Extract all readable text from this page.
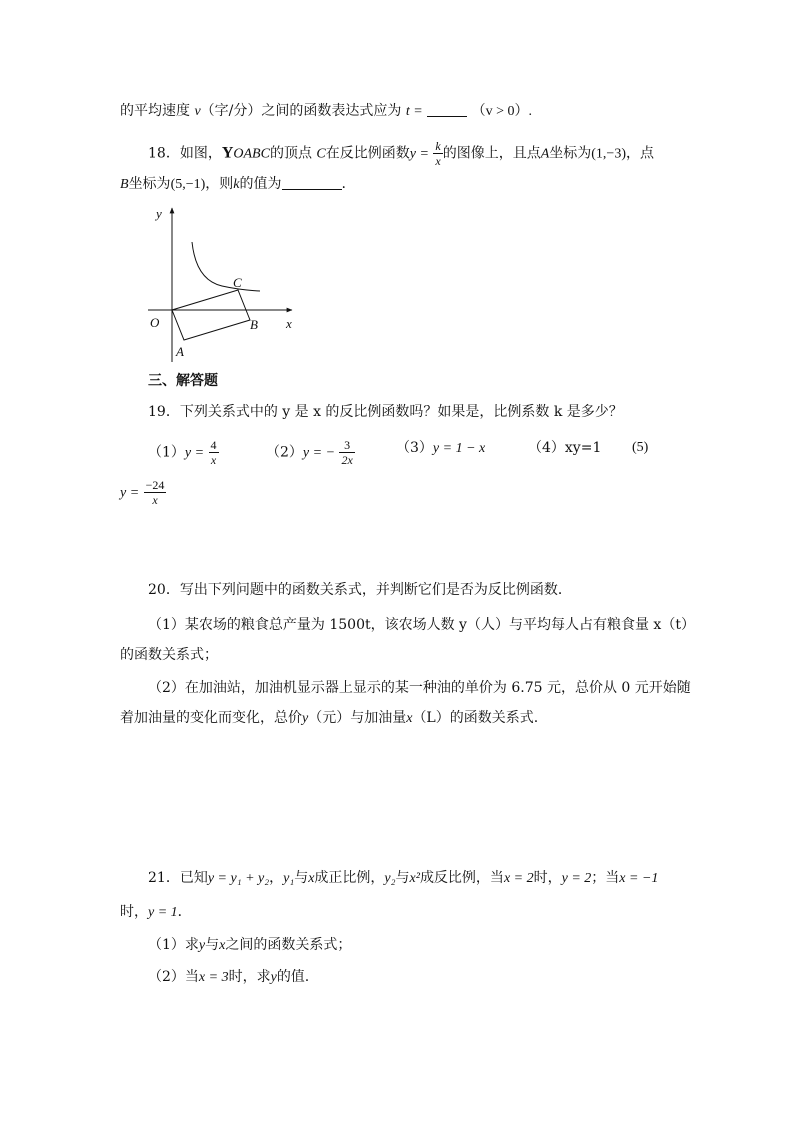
的平均速度 v（字/分）之间的函数表达式应为 t =	（v > 0）.
18．如图，YOABC的顶点 C在反比例函数$y = \frac{k}{x}$ 的图像上，且点A坐标为(1,−3)，点
B坐标为(5,−1)，则k的值为	.
y
x
O
A
B
C
三、解答题
19．下列关系式中的 y 是 x 的反比例函数吗？如果是，比例系数 k 是多少？
$(1)y = \frac{4}{x}$	（2）y = − $\frac{3}{2x}$	（3）y = 1 − x	（4）xy=1 (5)
$y = \frac{-24}{x}$
20．写出下列问题中的函数关系式，并判断它们是否为反比例函数．
（1）某农场的粮食总产量为 1500t，该农场人数 y（人）与平均每人占有粮食量 x（t）
的函数关系式；
（2）在加油站，加油机显示器上显示的某一种油的单价为 6.75 元，总价从 0 元开始随
着加油量的变化而变化，总价y（元）与加油量x（L）的函数关系式.
21．已知y = y₁ + y₂，y₁与x成正比例，y₂与x²成反比例，当x = 2时，y = 2；当x = −1
时，y = 1．
（1）求y与x之间的函数关系式；
（2）当x = 3时，求y的值.
